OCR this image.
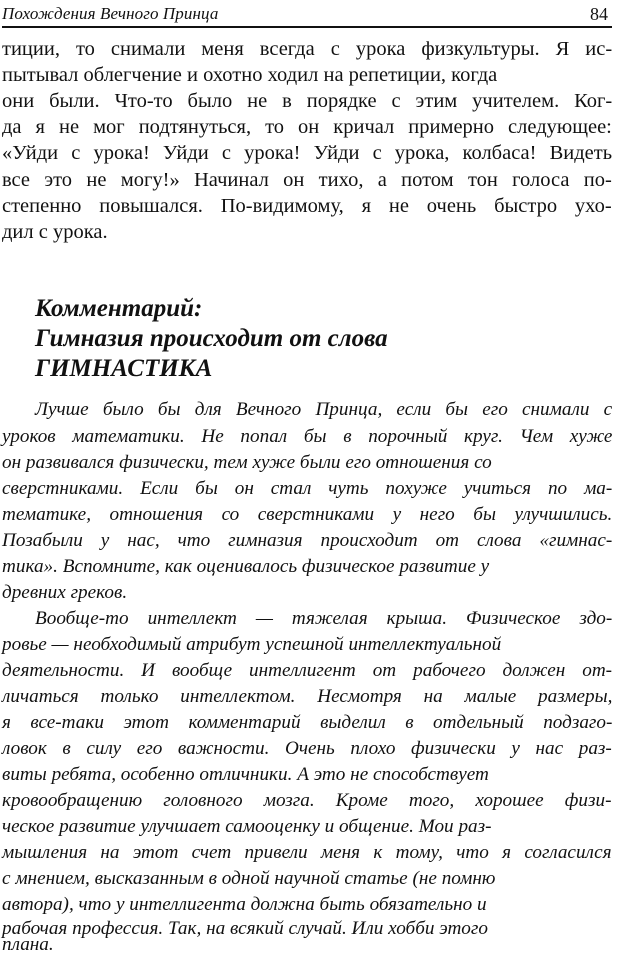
Похождения Вечного Принца	84
тиции, то снимали меня всегда с урока физкультуры. Я ис-
пытывал облегчение и охотно ходил на репетиции, когда
они были. Что-то было не в порядке с этим учителем. Ког-
да я не мог подтянуться, то он кричал примерно следующее:
«Уйди с урока! Уйди с урока! Уйди с урока, колбаса! Видеть
все это не могу!» Начинал он тихо, а потом тон голоса по-
степенно повышался. По-видимому, я не очень быстро ухо-
дил с урока.
Комментарий:
Гимназия происходит от слова
ГИМНАСТИКА
Лучше было бы для Вечного Принца, если бы его снимали с
уроков математики. Не попал бы в порочный круг. Чем хуже
он развивался физически, тем хуже были его отношения со
сверстниками. Если бы он стал чуть похуже учиться по ма-
тематике, отношения со сверстниками у него бы улучшились.
Позабыли у нас, что гимназия происходит от слова «гимнас-
тика». Вспомните, как оценивалось физическое развитие у
древних греков.
Вообще-то интеллект — тяжелая крыша. Физическое здо-
ровье — необходимый атрибут успешной интеллектуальной
деятельности. И вообще интеллигент от рабочего должен от-
личаться только интеллектом. Несмотря на малые размеры,
я все-таки этот комментарий выделил в отдельный подзаго-
ловок в силу его важности. Очень плохо физически у нас раз-
виты ребята, особенно отличники. А это не способствует
кровообращению головного мозга. Кроме того, хорошее физи-
ческое развитие улучшает самооценку и общение. Мои раз-
мышления на этот счет привели меня к тому, что я согласился
с мнением, высказанным в одной научной статье (не помню
автора), что у интеллигента должна быть обязательно и
рабочая профессия. Так, на всякий случай. Или хобби этого
плана.
